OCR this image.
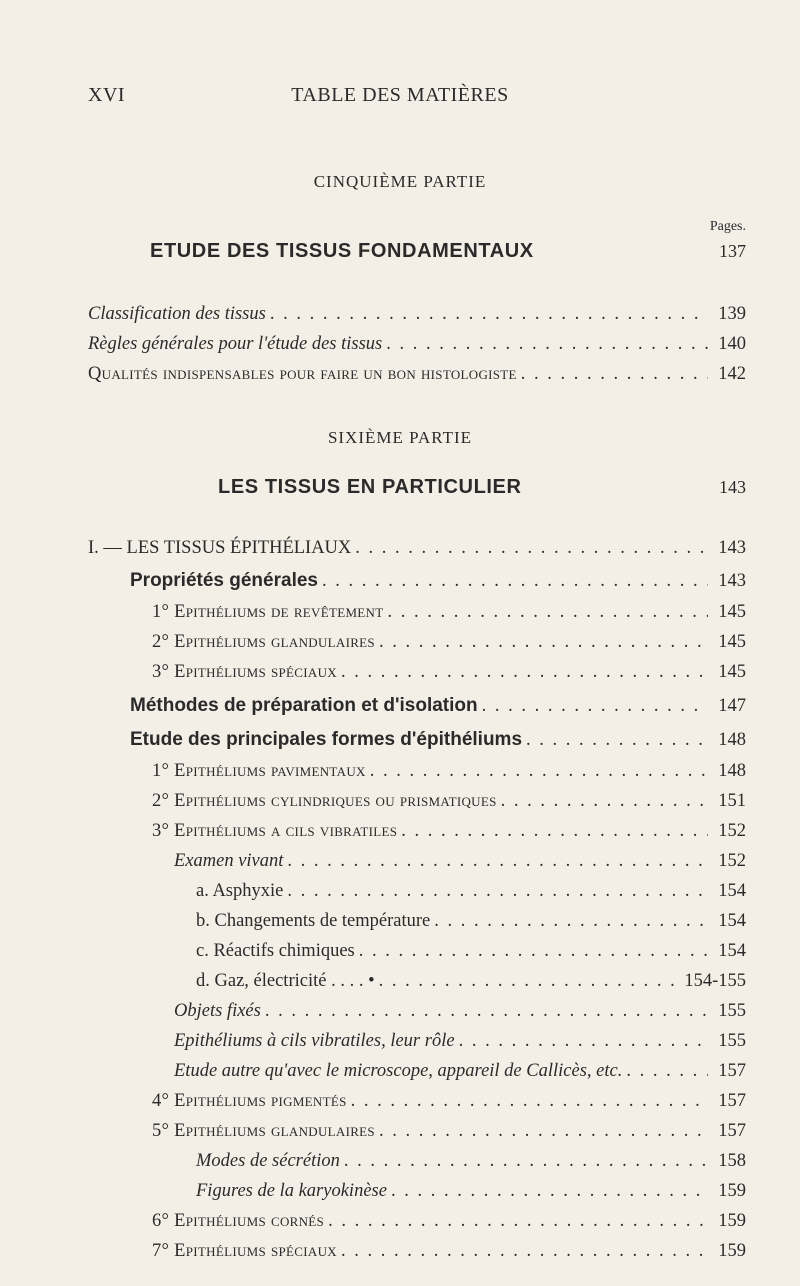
XVI	TABLE DES MATIÈRES
CINQUIÈME PARTIE
Pages.
ETUDE DES TISSUS FONDAMENTAUX	137
Classification des tissus . . .	139
Règles générales pour l'étude des tissus . . .	140
Qualités indispensables pour faire un bon histologiste . . .	142
SIXIÈME PARTIE
LES TISSUS EN PARTICULIER	143
I. — LES TISSUS ÉPITHÉLIAUX . . .	143
Propriétés générales . . .	143
1° Epithéliums de revêtement . . .	145
2° Epithéliums glandulaires . . .	145
3° Epithéliums spéciaux . . .	145
Méthodes de préparation et d'isolation . . .	147
Etude des principales formes d'épithéliums . . .	148
1° Epithéliums pavimentaux . . .	148
2° Epithéliums cylindriques ou prismatiques . . .	151
3° Epithéliums a cils vibratiles . . .	152
Examen vivant . . .	152
a. Asphyxie . . .	154
b. Changements de température . . .	154
c. Réactifs chimiques . . .	154
d. Gaz, électricité . . . . • . . .	154-155
Objets fixés . . .	155
Epithéliums à cils vibratiles, leur rôle . . .	155
Etude autre qu'avec le microscope, appareil de Callicès, etc. . . .	157
4° Epithéliums pigmentés . . .	157
5° Epithéliums glandulaires . . .	157
Modes de sécrétion . . .	158
Figures de la karyokinèse . . .	159
6° Epithéliums cornés . . .	159
7° Epithéliums spéciaux . . .	159
